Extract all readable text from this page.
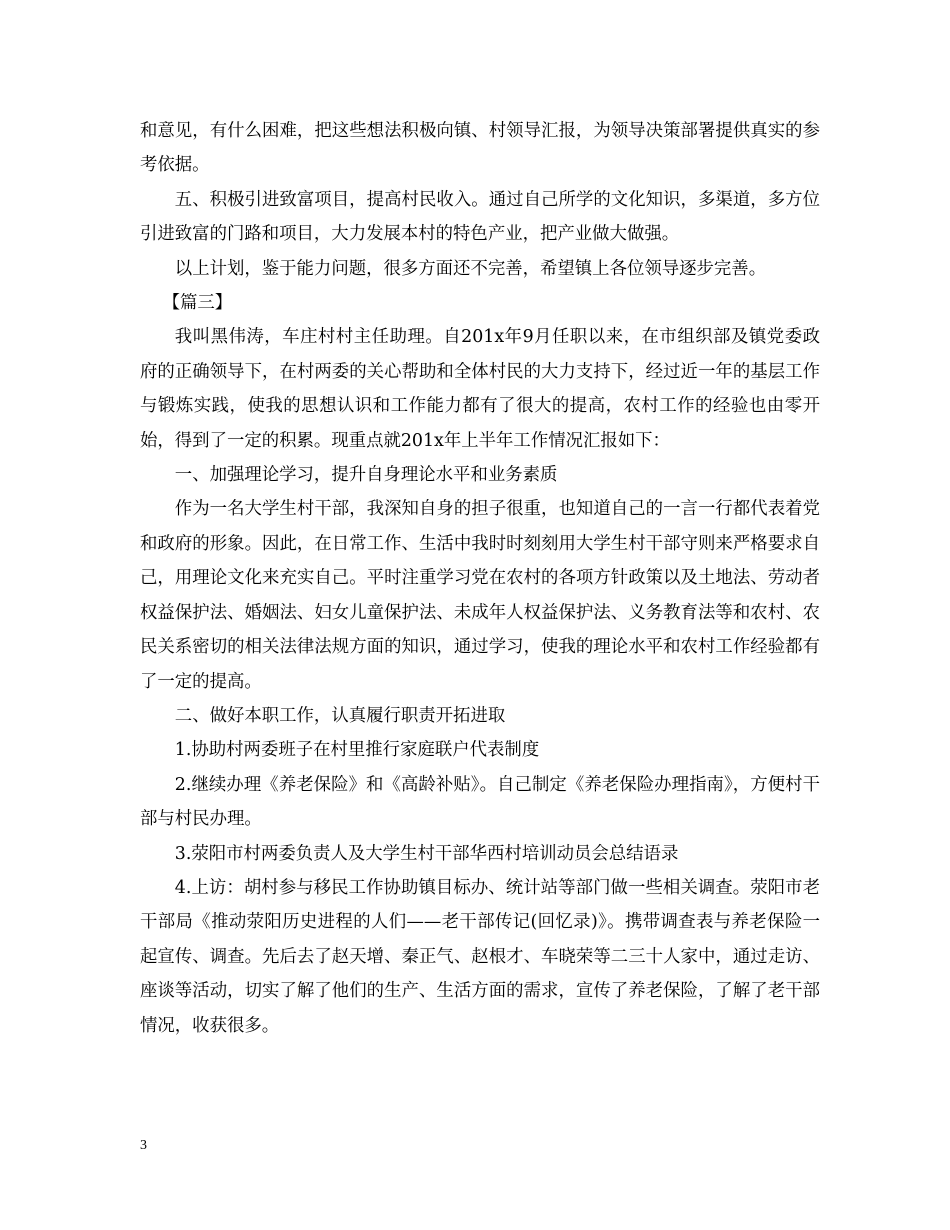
和意见，有什么困难，把这些想法积极向镇、村领导汇报，为领导决策部署提供真实的参考依据。

五、积极引进致富项目，提高村民收入。通过自己所学的文化知识，多渠道，多方位引进致富的门路和项目，大力发展本村的特色产业，把产业做大做强。

以上计划，鉴于能力问题，很多方面还不完善，希望镇上各位领导逐步完善。

【篇三】

我叫黑伟涛，车庄村村主任助理。自201x年9月任职以来，在市组织部及镇党委政府的正确领导下，在村两委的关心帮助和全体村民的大力支持下，经过近一年的基层工作与锻炼实践，使我的思想认识和工作能力都有了很大的提高，农村工作的经验也由零开始，得到了一定的积累。现重点就201x年上半年工作情况汇报如下：

一、加强理论学习，提升自身理论水平和业务素质

作为一名大学生村干部，我深知自身的担子很重，也知道自己的一言一行都代表着党和政府的形象。因此，在日常工作、生活中我时时刻刻用大学生村干部守则来严格要求自己，用理论文化来充实自己。平时注重学习党在农村的各项方针政策以及土地法、劳动者权益保护法、婚姻法、妇女儿童保护法、未成年人权益保护法、义务教育法等和农村、农民关系密切的相关法律法规方面的知识，通过学习，使我的理论水平和农村工作经验都有了一定的提高。

二、做好本职工作，认真履行职责开拓进取

1.协助村两委班子在村里推行家庭联户代表制度

2.继续办理《养老保险》和《高龄补贴》。自己制定《养老保险办理指南》，方便村干部与村民办理。

3.荥阳市村两委负责人及大学生村干部华西村培训动员会总结语录

4.上访：胡村参与移民工作协助镇目标办、统计站等部门做一些相关调查。荥阳市老干部局《推动荥阳历史进程的人们——老干部传记(回忆录)》。携带调查表与养老保险一起宣传、调查。先后去了赵天增、秦正气、赵根才、车晓荣等二三十人家中，通过走访、座谈等活动，切实了解了他们的生产、生活方面的需求，宣传了养老保险，了解了老干部情况，收获很多。

3
